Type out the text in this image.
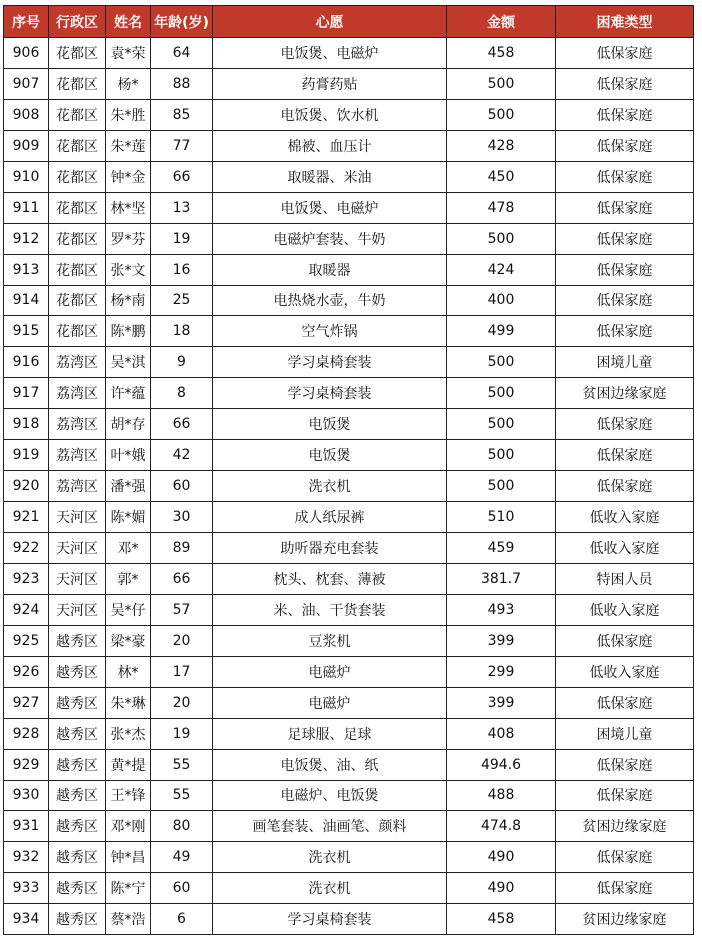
序号	行政区	姓名	年龄(岁)	心愿	金额	困难类型
906	花都区	袁*荣	64	电饭煲、电磁炉	458	低保家庭
907	花都区	杨*	88	药膏药贴	500	低保家庭
908	花都区	朱*胜	85	电饭煲、饮水机	500	低保家庭
909	花都区	朱*莲	77	棉被、血压计	428	低保家庭
910	花都区	钟*金	66	取暖器、米油	450	低保家庭
911	花都区	林*坚	13	电饭煲、电磁炉	478	低保家庭
912	花都区	罗*芬	19	电磁炉套装、牛奶	500	低保家庭
913	花都区	张*文	16	取暖器	424	低保家庭
914	花都区	杨*南	25	电热烧水壶，牛奶	400	低保家庭
915	花都区	陈*鹏	18	空气炸锅	499	低保家庭
916	荔湾区	吴*淇	9	学习桌椅套装	500	困境儿童
917	荔湾区	许*蕴	8	学习桌椅套装	500	贫困边缘家庭
918	荔湾区	胡*存	66	电饭煲	500	低保家庭
919	荔湾区	叶*娥	42	电饭煲	500	低保家庭
920	荔湾区	潘*强	60	洗衣机	500	低保家庭
921	天河区	陈*媚	30	成人纸尿裤	510	低收入家庭
922	天河区	邓*	89	助听器充电套装	459	低收入家庭
923	天河区	郭*	66	枕头、枕套、薄被	381.7	特困人员
924	天河区	吴*仔	57	米、油、干货套装	493	低收入家庭
925	越秀区	梁*豪	20	豆浆机	399	低保家庭
926	越秀区	林*	17	电磁炉	299	低收入家庭
927	越秀区	朱*琳	20	电磁炉	399	低保家庭
928	越秀区	张*杰	19	足球服、足球	408	困境儿童
929	越秀区	黄*提	55	电饭煲、油、纸	494.6	低保家庭
930	越秀区	王*锋	55	电磁炉、电饭煲	488	低保家庭
931	越秀区	邓*刚	80	画笔套装、油画笔、颜料	474.8	贫困边缘家庭
932	越秀区	钟*昌	49	洗衣机	490	低保家庭
933	越秀区	陈*宁	60	洗衣机	490	低保家庭
934	越秀区	蔡*浩	6	学习桌椅套装	458	贫困边缘家庭
